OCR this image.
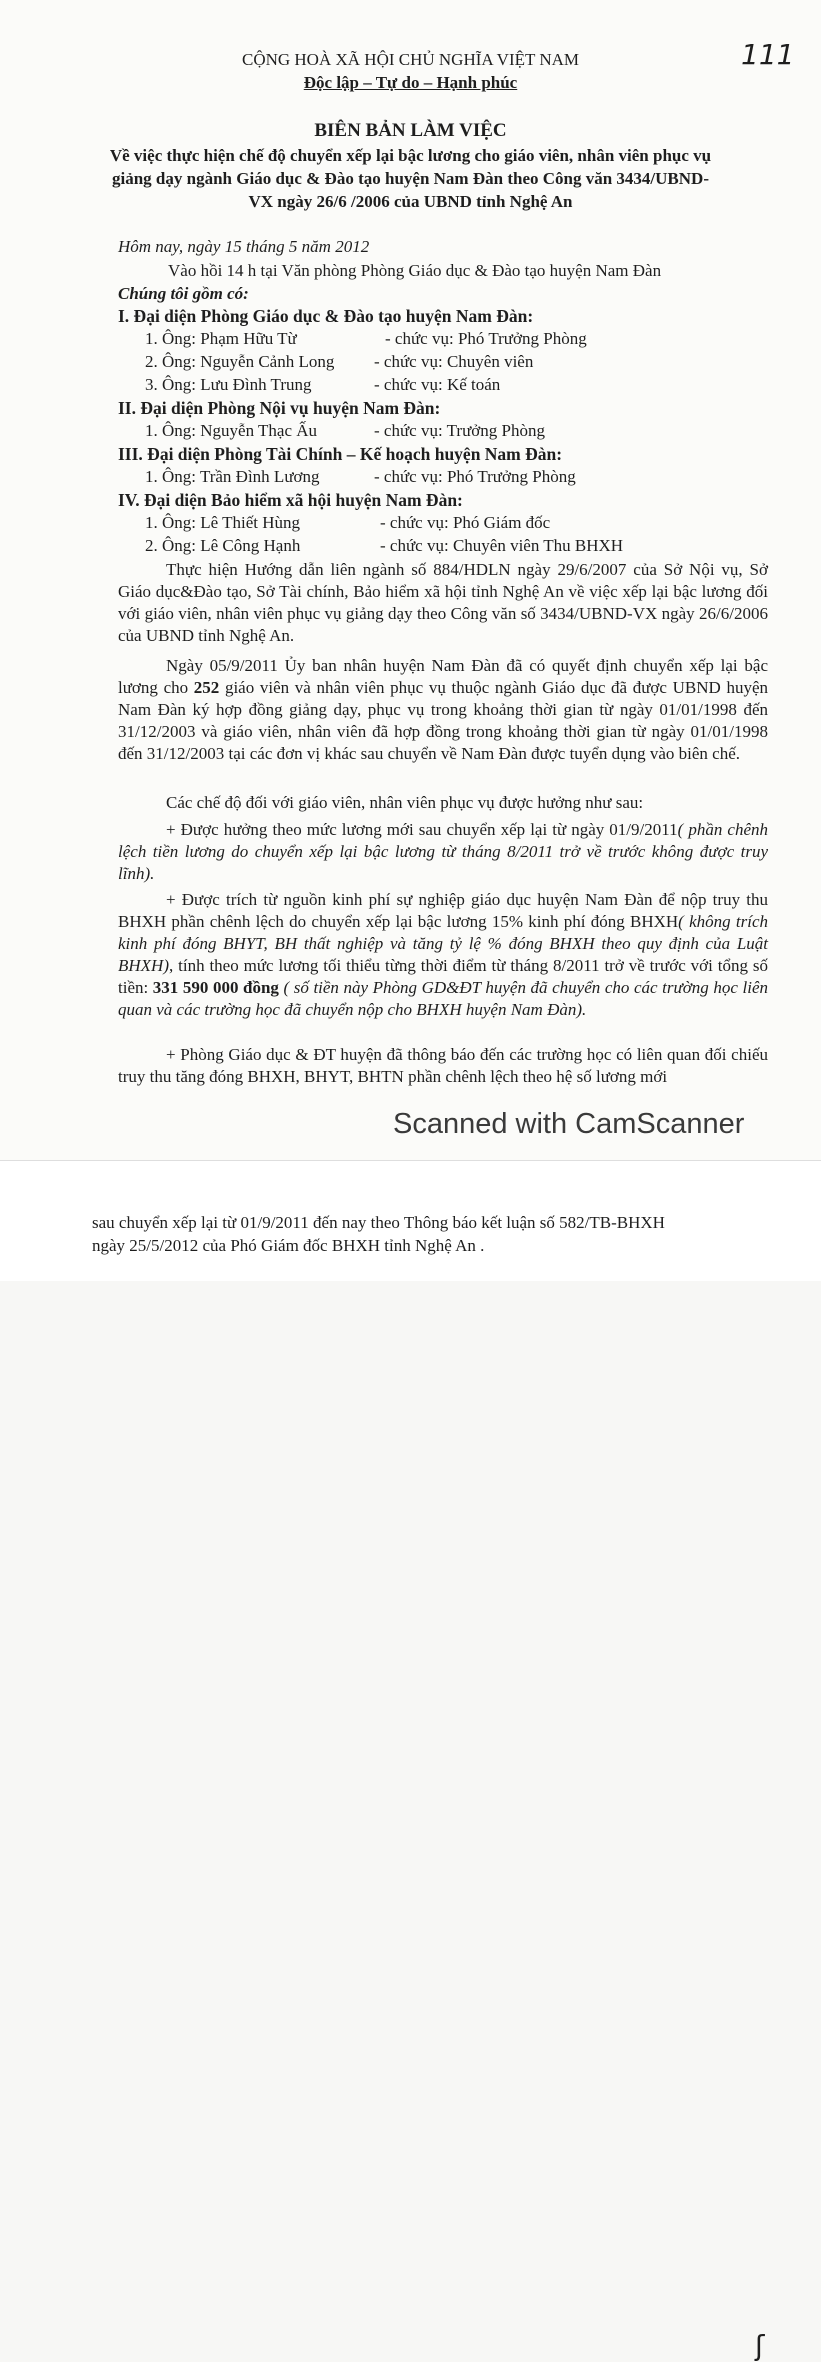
CỘNG HOÀ XÃ HỘI CHỦ NGHĨA VIỆT NAM
Độc lập – Tự do – Hạnh phúc
111
BIÊN BẢN LÀM VIỆC
Về việc thực hiện chế độ chuyển xếp lại bậc lương cho giáo viên, nhân viên phục vụ
giảng dạy ngành Giáo dục & Đào tạo huyện Nam Đàn theo Công văn 3434/UBND-
VX ngày 26/6 /2006 của UBND tỉnh Nghệ An
Hôm nay, ngày 15 tháng 5 năm 2012
Vào hồi 14 h tại Văn phòng Phòng Giáo dục & Đào tạo huyện Nam Đàn
Chúng tôi gồm có:
I. Đại diện Phòng Giáo dục & Đào tạo huyện Nam Đàn:
1. Ông: Phạm Hữu Từ	- chức vụ: Phó Trưởng Phòng
2. Ông: Nguyễn Cảnh Long - chức vụ: Chuyên viên
3. Ông: Lưu Đình Trung	- chức vụ: Kế toán
II. Đại diện Phòng Nội vụ huyện Nam Đàn:
1. Ông: Nguyễn Thạc Ấu	- chức vụ: Trưởng Phòng
III. Đại diện Phòng Tài Chính – Kế hoạch huyện Nam Đàn:
1. Ông: Trần Đình Lương	- chức vụ: Phó Trưởng Phòng
IV. Đại diện Bảo hiểm xã hội huyện Nam Đàn:
1. Ông: Lê Thiết Hùng	- chức vụ: Phó Giám đốc
2. Ông: Lê Công Hạnh	- chức vụ: Chuyên viên Thu BHXH

Thực hiện Hướng dẫn liên ngành số 884/HDLN ngày 29/6/2007 của Sở Nội vụ, Sở Giáo dục&Đào tạo, Sở Tài chính, Bảo hiểm xã hội tỉnh Nghệ An về việc xếp lại bậc lương đối với giáo viên, nhân viên phục vụ giảng dạy theo Công văn số 3434/UBND-VX ngày 26/6/2006 của UBND tỉnh Nghệ An.

Ngày 05/9/2011 Ủy ban nhân huyện Nam Đàn đã có quyết định chuyển xếp lại bậc lương cho 252 giáo viên và nhân viên phục vụ thuộc ngành Giáo dục đã được UBND huyện Nam Đàn ký hợp đồng giảng dạy, phục vụ trong khoảng thời gian từ ngày 01/01/1998 đến 31/12/2003 và giáo viên, nhân viên đã hợp đồng trong khoảng thời gian từ ngày 01/01/1998 đến 31/12/2003 tại các đơn vị khác sau chuyển về Nam Đàn được tuyển dụng vào biên chế.

Các chế độ đối với giáo viên, nhân viên phục vụ được hưởng như sau:

+ Được hưởng theo mức lương mới sau chuyển xếp lại từ ngày 01/9/2011( phần chênh lệch tiền lương do chuyển xếp lại bậc lương từ tháng 8/2011 trở về trước không được truy lĩnh).

+ Được trích từ nguồn kinh phí sự nghiệp giáo dục huyện Nam Đàn để nộp truy thu BHXH phần chênh lệch do chuyển xếp lại bậc lương 15% kinh phí đóng BHXH( không trích kinh phí đóng BHYT, BH thất nghiệp và tăng tỷ lệ % đóng BHXH theo quy định của Luật BHXH), tính theo mức lương tối thiểu từng thời điểm từ tháng 8/2011 trở về trước với tổng số tiền: 331 590 000 đồng ( số tiền này Phòng GD&ĐT huyện đã chuyển cho các trường học liên quan và các trường học đã chuyển nộp cho BHXH huyện Nam Đàn).

+ Phòng Giáo dục & ĐT huyện đã thông báo đến các trường học có liên quan đối chiếu truy thu tăng đóng BHXH, BHYT, BHTN phần chênh lệch theo hệ số lương mới

Scanned with CamScanner
ʃ
sau chuyển xếp lại từ 01/9/2011 đến nay theo Thông báo kết luận số 582/TB-BHXH
ngày 25/5/2012 của Phó Giám đốc BHXH tỉnh Nghệ An .
